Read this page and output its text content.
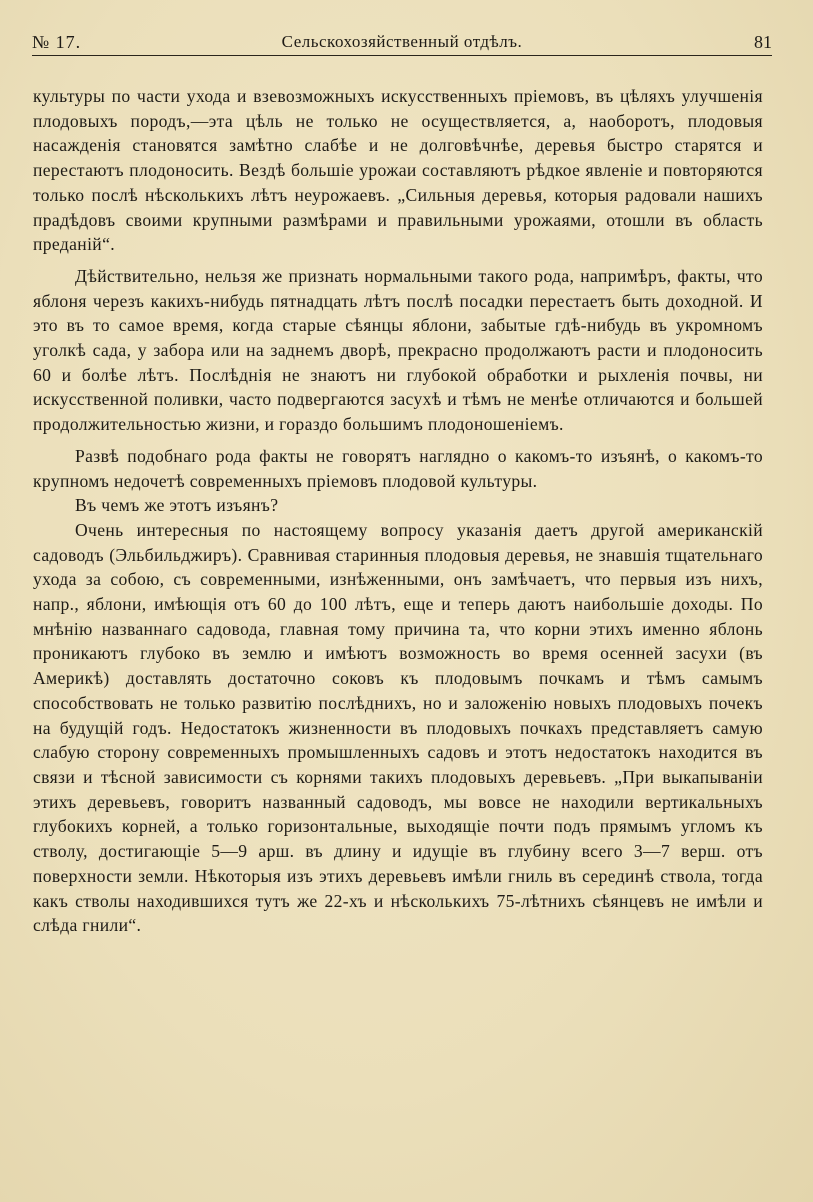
№ 17.	Сельскохозяйственный отдѣлъ.	81

культуры по части ухода и взевозможныхъ искусственныхъ пріемовъ, въ цѣляхъ улучшенія плодовыхъ породъ,—эта цѣль не только не осуществляется, а, наоборотъ, плодовыя насажденія становятся замѣтно слабѣе и не долговѣчнѣе, деревья быстро старятся и перестаютъ плодоносить. Вездѣ большіе урожаи составляютъ рѣдкое явленіе и повторяются только послѣ нѣсколькихъ лѣтъ неурожаевъ. „Сильныя деревья, которыя радовали нашихъ прадѣдовъ своими крупными размѣрами и правильными урожаями, отошли въ область преданій“.

Дѣйствительно, нельзя же признать нормальными такого рода, напримѣръ, факты, что яблоня черезъ какихъ-нибудь пятнадцать лѣтъ послѣ посадки перестаетъ быть доходной. И это въ то самое время, когда старые сѣянцы яблони, забытые гдѣ-нибудь въ укромномъ уголкѣ сада, у забора или на заднемъ дворѣ, прекрасно продолжаютъ расти и плодоносить 60 и болѣе лѣтъ. Послѣднія не знаютъ ни глубокой обработки и рыхленія почвы, ни искусственной поливки, часто подвергаются засухѣ и тѣмъ не менѣе отличаются и большей продолжительностью жизни, и гораздо большимъ плодоношеніемъ.

Развѣ подобнаго рода факты не говорятъ наглядно о какомъ-то изъянѣ, о какомъ-то крупномъ недочетѣ современныхъ пріемовъ плодовой культуры.

Въ чемъ же этотъ изъянъ?

Очень интересныя по настоящему вопросу указанія даетъ другой американскій садоводъ (Эльбильджиръ). Сравнивая старинныя плодовыя деревья, не знавшія тщательнаго ухода за собою, съ современными, изнѣженными, онъ замѣчаетъ, что первыя изъ нихъ, напр., яблони, имѣющія отъ 60 до 100 лѣтъ, еще и теперь даютъ наибольшіе доходы. По мнѣнію названнаго садовода, главная тому причина та, что корни этихъ именно яблонь проникаютъ глубоко въ землю и имѣютъ возможность во время осенней засухи (въ Америкѣ) доставлять достаточно соковъ къ плодовымъ почкамъ и тѣмъ самымъ способствовать не только развитію послѣднихъ, но и заложенію новыхъ плодовыхъ почекъ на будущій годъ. Недостатокъ жизненности въ плодовыхъ почкахъ представляетъ самую слабую сторону современныхъ промышленныхъ садовъ и этотъ недостатокъ находится въ связи и тѣсной зависимости съ корнями такихъ плодовыхъ деревьевъ. „При выкапываніи этихъ деревьевъ, говоритъ названный садоводъ, мы вовсе не находили вертикальныхъ глубокихъ корней, а только горизонтальные, выходящіе почти подъ прямымъ угломъ къ стволу, достигающіе 5—9 арш. въ длину и идущіе въ глубину всего 3—7 верш. отъ поверхности земли. Нѣкоторыя изъ этихъ деревьевъ имѣли гниль въ серединѣ ствола, тогда какъ стволы находившихся тутъ же 22-хъ и нѣсколькихъ 75-лѣтнихъ сѣянцевъ не имѣли и слѣда гнили“.
